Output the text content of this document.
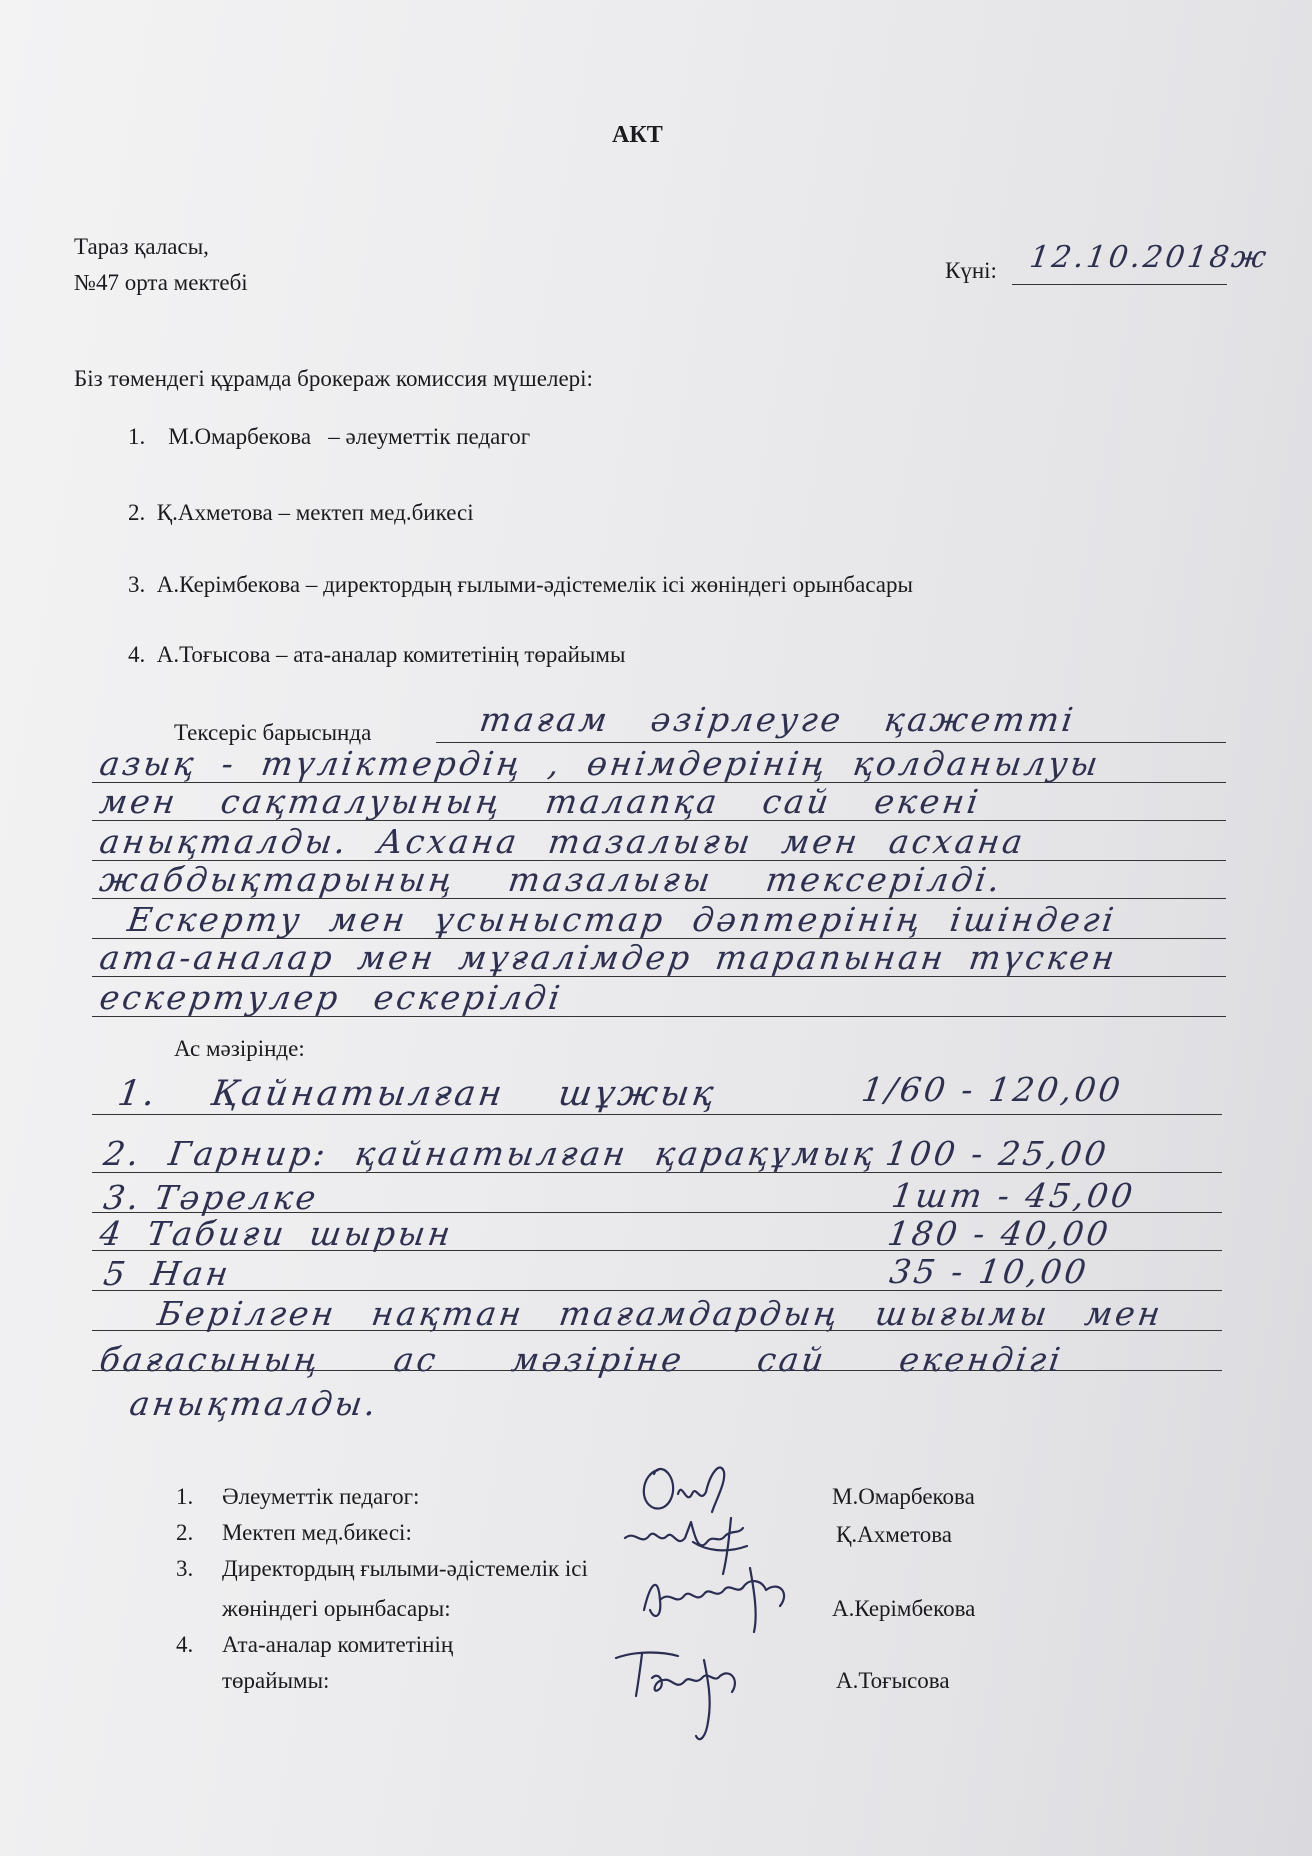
АКТ
Тараз қаласы,
№47 орта мектебі	Күні: 12.10.2018ж
Біз төмендегі құрамда брокераж комиссия мүшелері:
1. М.Омарбекова – әлеуметтік педагог
2. Қ.Ахметова – мектеп мед.бикесі
3. А.Керімбекова – директордың ғылыми-әдістемелік ісі жөніндегі орынбасары
4. А.Тоғысова – ата-аналар комитетінің төрайымы
Тексеріс барысында	тағам әзірлеуге қажетті
азық - түліктердің , өнімдерінің қолданылуы
мен сақталуының талапқа сай екені
анықталды. Асхана тазалығы мен асхана
жабдықтарының тазалығы тексерілді.
Ескерту мен ұсыныстар дәптерінің ішіндегі
ата-аналар мен мұғалімдер тарапынан түскен
ескертулер ескерілді
Ас мәзірінде:
1. Қайнатылған шұжық	1/60 - 120,00
2. Гарнир: қайнатылған қарақұмық 100 - 25,00
3. Тәрелке	1шт - 45,00
4 Табиғи шырын	180 - 40,00
5 Нан	35 - 10,00
Берілген нақтан тағамдардың шығымы мен
бағасының ас мәзіріне сай екендігі
анықталды.
1. Әлеуметтік педагог:	М.Омарбекова
2. Мектеп мед.бикесі:	Қ.Ахметова
3. Директордың ғылыми-әдістемелік ісі
жөніндегі орынбасары:	А.Керімбекова
4. Ата-аналар комитетінің
төрайымы:	А.Тоғысова
